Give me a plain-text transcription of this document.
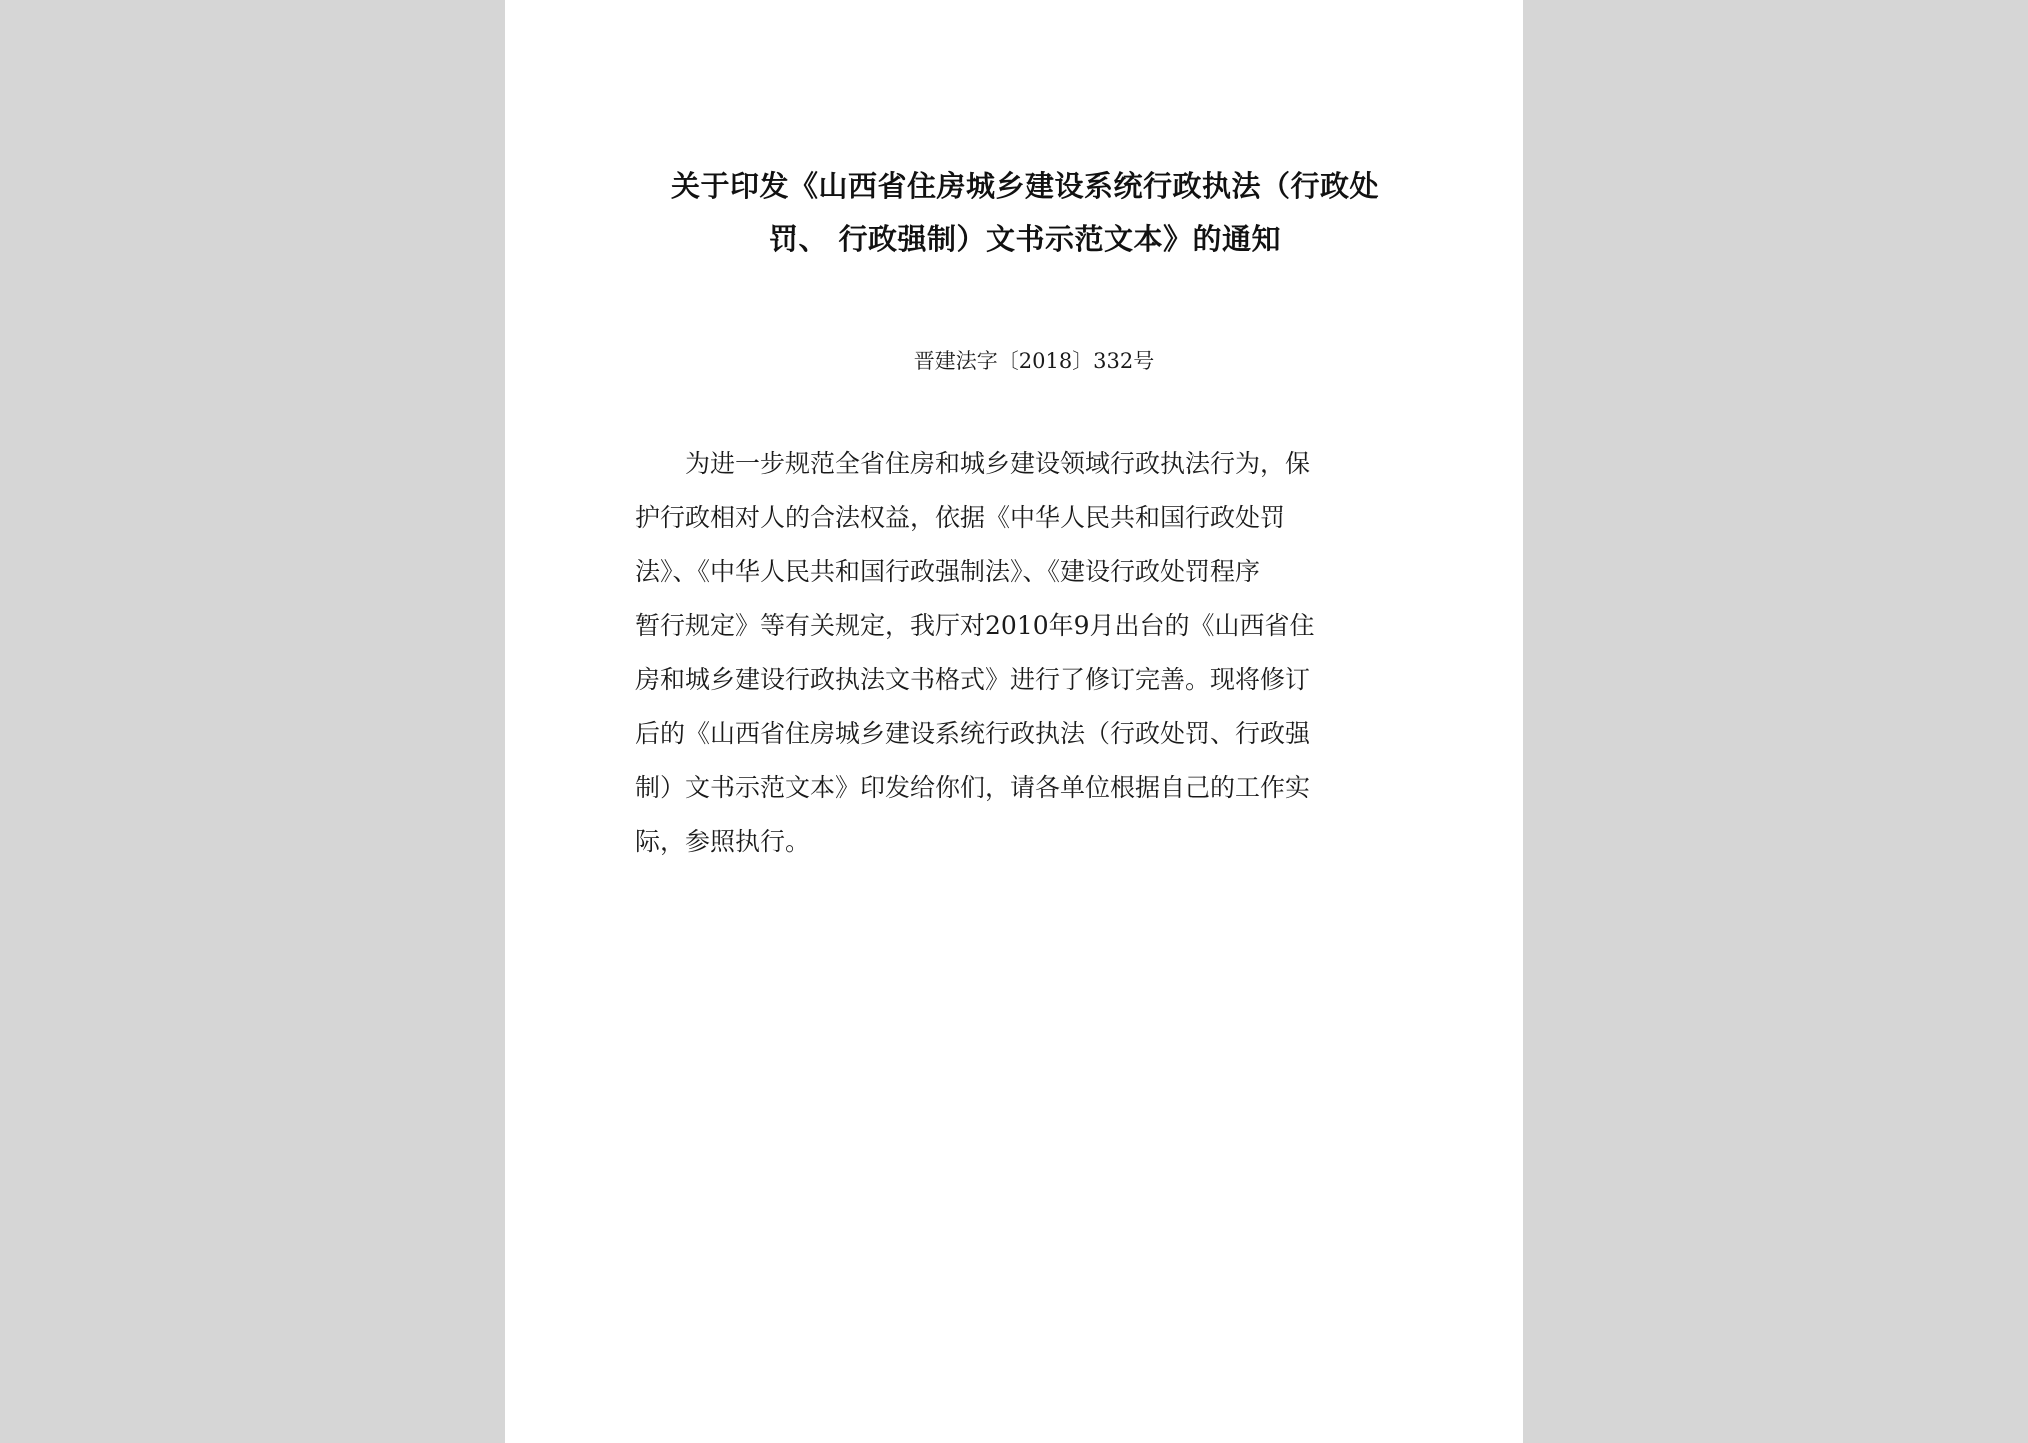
关于印发《山西省住房城乡建设系统行政执法（行政处
罚、 行政强制）文书示范文本》的通知
晋建法字〔2018〕332号
　　为进一步规范全省住房和城乡建设领域行政执法行为，保
护行政相对人的合法权益，依据《中华人民共和国行政处罚
法》、《中华人民共和国行政强制法》、《建设行政处罚程序
暂行规定》等有关规定，我厅对2010年9月出台的《山西省住
房和城乡建设行政执法文书格式》进行了修订完善。现将修订
后的《山西省住房城乡建设系统行政执法（行政处罚、行政强
制）文书示范文本》印发给你们，请各单位根据自己的工作实
际，参照执行。
